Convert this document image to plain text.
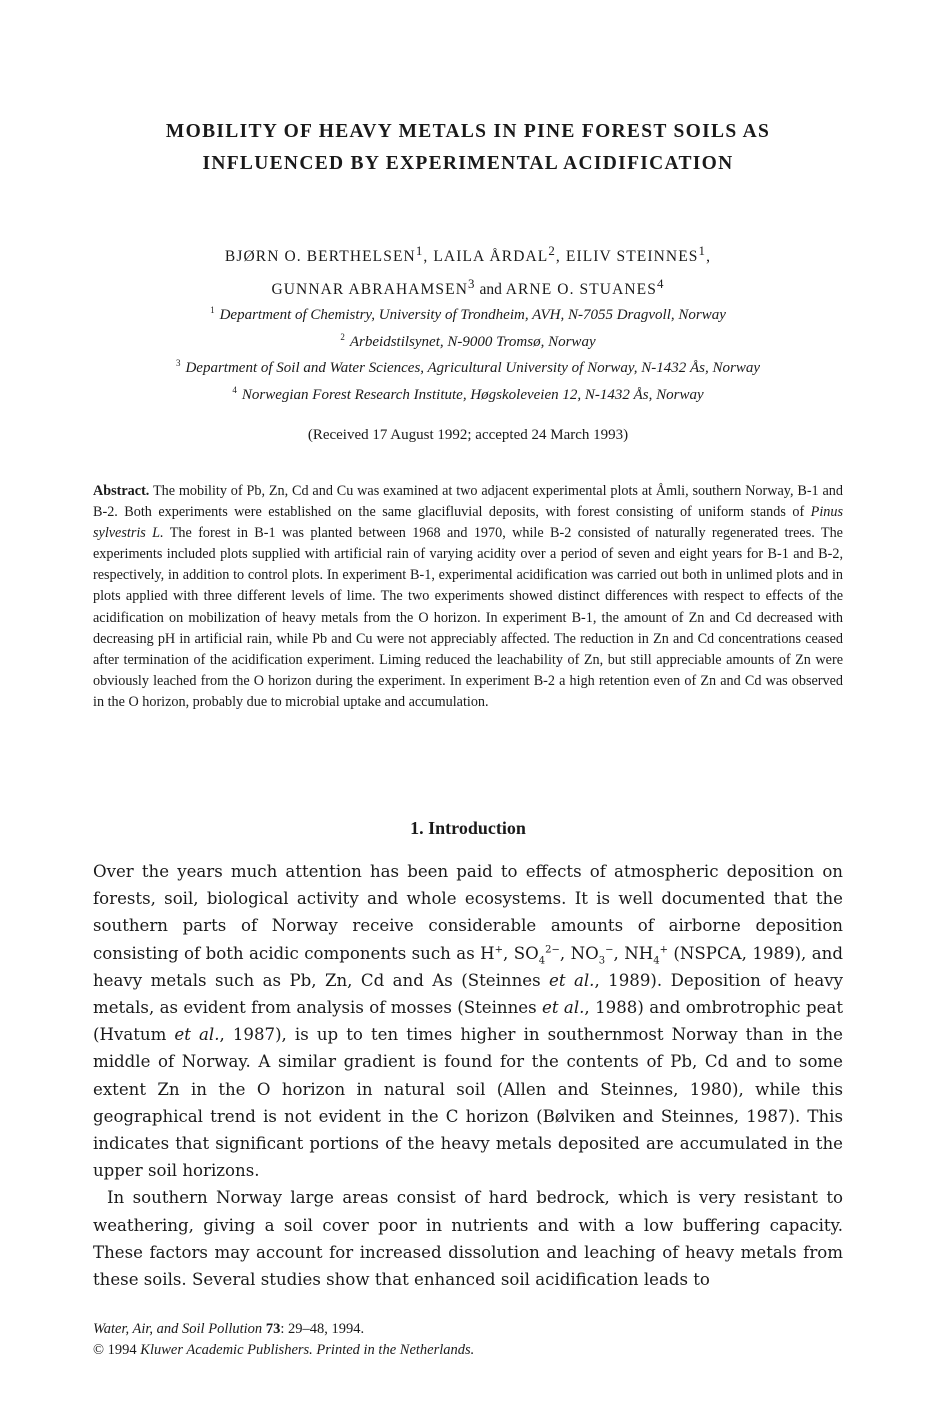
MOBILITY OF HEAVY METALS IN PINE FOREST SOILS AS
INFLUENCED BY EXPERIMENTAL ACIDIFICATION
BJØRN O. BERTHELSEN$^1$, LAILA ÅRDAL$^2$, EILIV STEINNES$^1$,
GUNNAR ABRAHAMSEN$^3$ and ARNE O. STUANES$^4$
$^1$ Department of Chemistry, University of Trondheim, AVH, N-7055 Dragvoll, Norway
$^2$ Arbeidstilsynet, N-9000 Tromsø, Norway
$^3$ Department of Soil and Water Sciences, Agricultural University of Norway, N-1432 Ås, Norway
$^4$ Norwegian Forest Research Institute, Høgskoleveien 12, N-1432 Ås, Norway
(Received 17 August 1992; accepted 24 March 1993)
Abstract. The mobility of Pb, Zn, Cd and Cu was examined at two adjacent experimental plots at Åmli, southern Norway, B-1 and B-2. Both experiments were established on the same glacifluvial deposits, with forest consisting of uniform stands of Pinus sylvestris L. The forest in B-1 was planted between 1968 and 1970, while B-2 consisted of naturally regenerated trees. The experiments included plots supplied with artificial rain of varying acidity over a period of seven and eight years for B-1 and B-2, respectively, in addition to control plots. In experiment B-1, experimental acidification was carried out both in unlimed plots and in plots applied with three different levels of lime. The two experiments showed distinct differences with respect to effects of the acidification on mobilization of heavy metals from the O horizon. In experiment B-1, the amount of Zn and Cd decreased with decreasing pH in artificial rain, while Pb and Cu were not appreciably affected. The reduction in Zn and Cd concentrations ceased after termination of the acidification experiment. Liming reduced the leachability of Zn, but still appreciable amounts of Zn were obviously leached from the O horizon during the experiment. In experiment B-2 a high retention even of Zn and Cd was observed in the O horizon, probably due to microbial uptake and accumulation.
1. Introduction

Over the years much attention has been paid to effects of atmospheric deposition on forests, soil, biological activity and whole ecosystems. It is well documented that the southern parts of Norway receive considerable amounts of airborne deposition consisting of both acidic components such as H+, $SO_4^{2-}$, $NO_3^-$, $NH_4^+$ (NSPCA, 1989), and heavy metals such as Pb, Zn, Cd and As (Steinnes et al., 1989). Deposition of heavy metals, as evident from analysis of mosses (Steinnes et al., 1988) and ombrotrophic peat (Hvatum et al., 1987), is up to ten times higher in southernmost Norway than in the middle of Norway. A similar gradient is found for the contents of Pb, Cd and to some extent Zn in the O horizon in natural soil (Allen and Steinnes, 1980), while this geographical trend is not evident in the C horizon (Bølviken and Steinnes, 1987). This indicates that significant portions of the heavy metals deposited are accumulated in the upper soil horizons.

In southern Norway large areas consist of hard bedrock, which is very resistant to weathering, giving a soil cover poor in nutrients and with a low buffering capacity. These factors may account for increased dissolution and leaching of heavy metals from these soils. Several studies show that enhanced soil acidification leads to

Water, Air, and Soil Pollution 73: 29–48, 1994.
© 1994 Kluwer Academic Publishers. Printed in the Netherlands.
